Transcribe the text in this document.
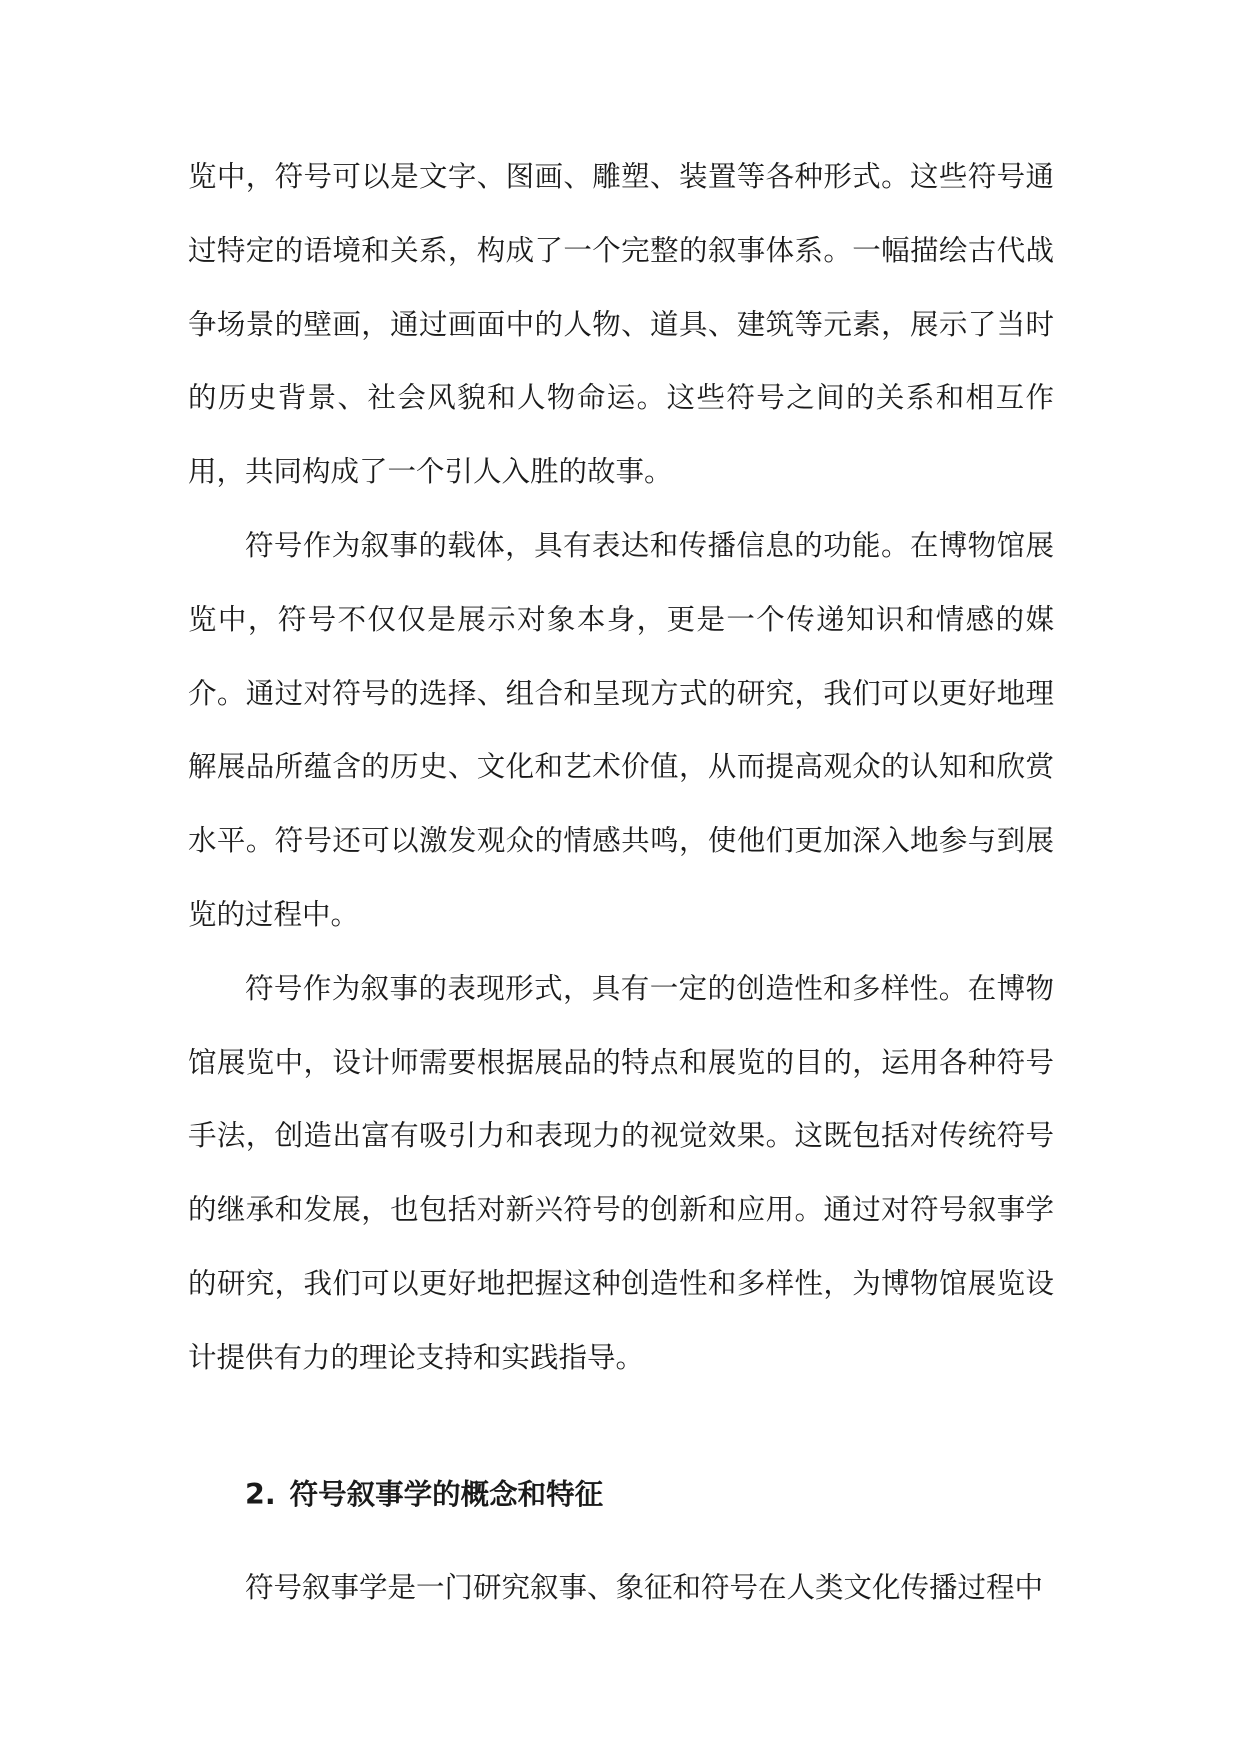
览中，符号可以是文字、图画、雕塑、装置等各种形式。这些符号通过特定的语境和关系，构成了一个完整的叙事体系。一幅描绘古代战争场景的壁画，通过画面中的人物、道具、建筑等元素，展示了当时的历史背景、社会风貌和人物命运。这些符号之间的关系和相互作用，共同构成了一个引人入胜的故事。

符号作为叙事的载体，具有表达和传播信息的功能。在博物馆展览中，符号不仅仅是展示对象本身，更是一个传递知识和情感的媒介。通过对符号的选择、组合和呈现方式的研究，我们可以更好地理解展品所蕴含的历史、文化和艺术价值，从而提高观众的认知和欣赏水平。符号还可以激发观众的情感共鸣，使他们更加深入地参与到展览的过程中。

符号作为叙事的表现形式，具有一定的创造性和多样性。在博物馆展览中，设计师需要根据展品的特点和展览的目的，运用各种符号手法，创造出富有吸引力和表现力的视觉效果。这既包括对传统符号的继承和发展，也包括对新兴符号的创新和应用。通过对符号叙事学的研究，我们可以更好地把握这种创造性和多样性，为博物馆展览设计提供有力的理论支持和实践指导。

2. 符号叙事学的概念和特征

符号叙事学是一门研究叙事、象征和符号在人类文化传播过程中
